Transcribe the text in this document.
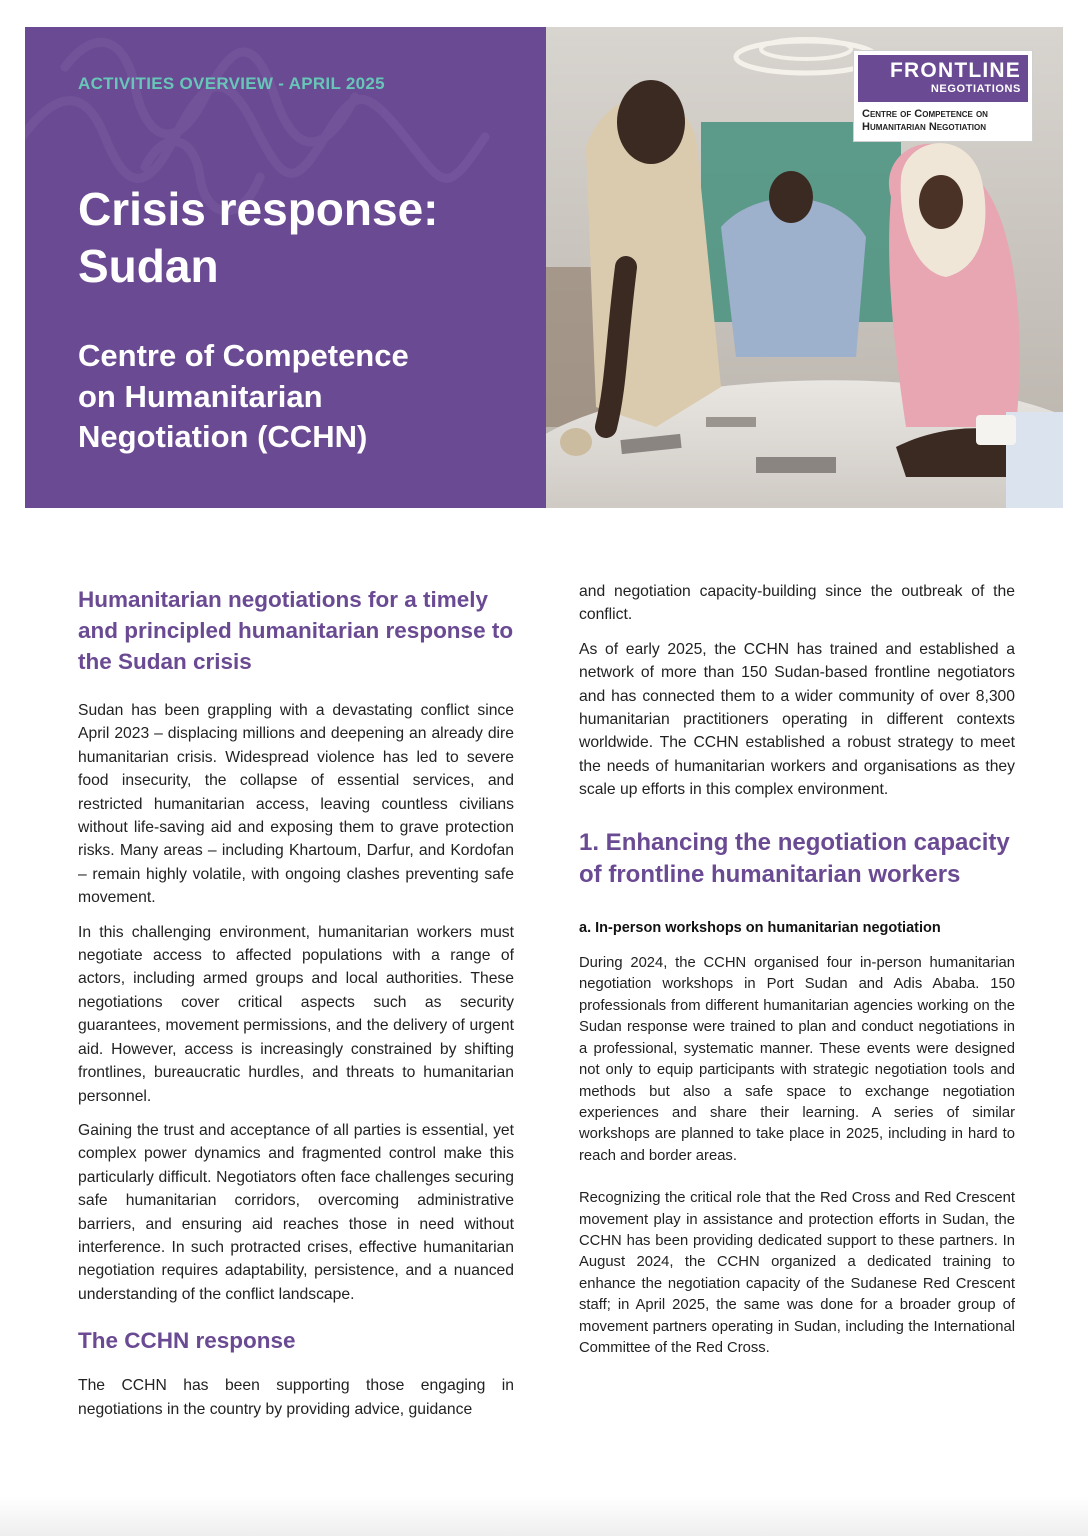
ACTIVITIES OVERVIEW - APRIL 2025
Crisis response:
Sudan
Centre of Competence
on Humanitarian
Negotiation (CCHN)
FRONTLINE
NEGOTIATIONS
Centre of Competence on
Humanitarian Negotiation
Humanitarian negotiations for a timely and principled humanitarian response to the Sudan crisis

Sudan has been grappling with a devastating conflict since April 2023 – displacing millions and deepening an already dire humanitarian crisis. Widespread violence has led to severe food insecurity, the collapse of essential services, and restricted humanitarian access, leaving countless civilians without life-saving aid and exposing them to grave protection risks. Many areas – including Khartoum, Darfur, and Kordofan – remain highly volatile, with ongoing clashes preventing safe movement.

In this challenging environment, humanitarian workers must negotiate access to affected populations with a range of actors, including armed groups and local authorities. These negotiations cover critical aspects such as security guarantees, movement permissions, and the delivery of urgent aid. However, access is increasingly constrained by shifting frontlines, bureaucratic hurdles, and threats to humanitarian personnel.

Gaining the trust and acceptance of all parties is essential, yet complex power dynamics and fragmented control make this particularly difficult. Negotiators often face challenges securing safe humanitarian corridors, overcoming administrative barriers, and ensuring aid reaches those in need without interference. In such protracted crises, effective humanitarian negotiation requires adaptability, persistence, and a nuanced understanding of the conflict landscape.

The CCHN response

The CCHN has been supporting those engaging in negotiations in the country by providing advice, guidance

and negotiation capacity-building since the outbreak of the conflict.

As of early 2025, the CCHN has trained and established a network of more than 150 Sudan-based frontline negotiators and has connected them to a wider community of over 8,300 humanitarian practitioners operating in different contexts worldwide. The CCHN established a robust strategy to meet the needs of humanitarian workers and organisations as they scale up efforts in this complex environment.

1. Enhancing the negotiation capacity of frontline humanitarian workers

a. In-person workshops on humanitarian negotiation

During 2024, the CCHN organised four in-person humanitarian negotiation workshops in Port Sudan and Adis Ababa. 150 professionals from different humanitarian agencies working on the Sudan response were trained to plan and conduct negotiations in a professional, systematic manner. These events were designed not only to equip participants with strategic negotiation tools and methods but also a safe space to exchange negotiation experiences and share their learning. A series of similar workshops are planned to take place in 2025, including in hard to reach and border areas.

Recognizing the critical role that the Red Cross and Red Crescent movement play in assistance and protection efforts in Sudan, the CCHN has been providing dedicated support to these partners. In August 2024, the CCHN organized a dedicated training to enhance the negotiation capacity of the Sudanese Red Crescent staff; in April 2025, the same was done for a broader group of movement partners operating in Sudan, including the International Committee of the Red Cross.
